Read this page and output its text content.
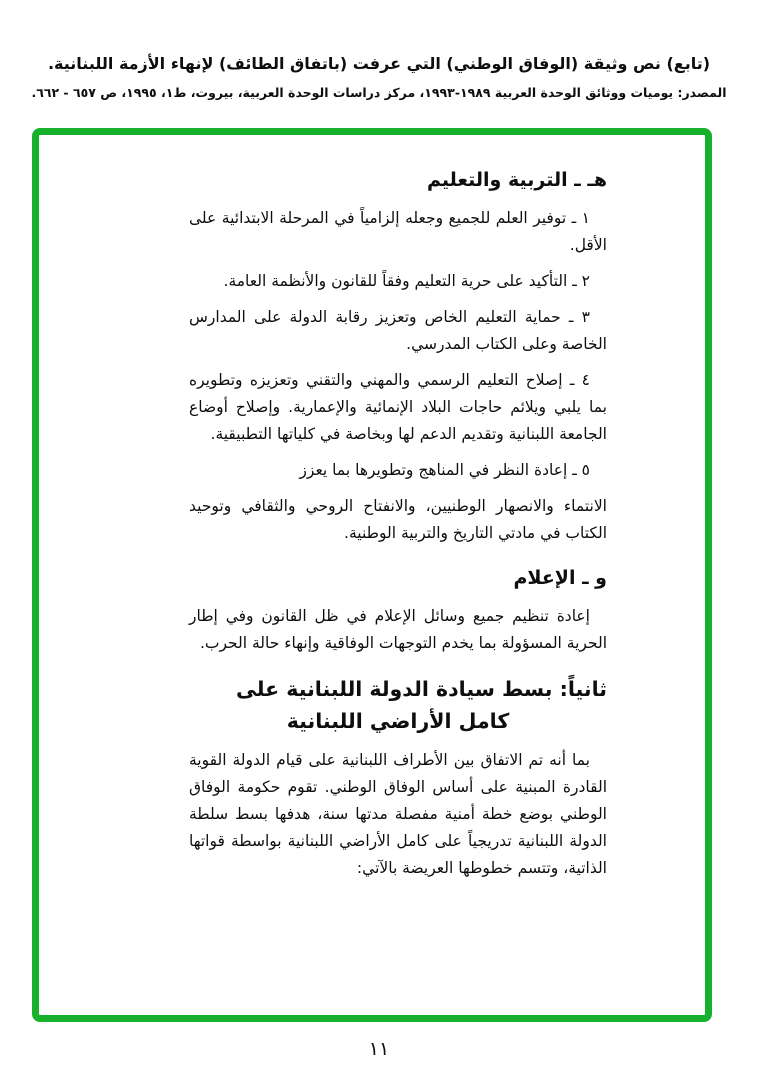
(تابع) نص وثيقة (الوفاق الوطني) التي عرفت (باتفاق الطائف) لإنهاء الأزمة اللبنانية.
المصدر: يوميات ووثائق الوحدة العربية ١٩٨٩-١٩٩٣، مركز دراسات الوحدة العربية، بيروت، ط١، ١٩٩٥، ص ٦٥٧ - ٦٦٢.
هـ ـ التربية والتعليم

١ ـ توفير العلم للجميع وجعله إلزامياً في المرحلة الابتدائية على الأقل.

٢ ـ التأكيد على حرية التعليم وفقاً للقانون والأنظمة العامة.

٣ ـ حماية التعليم الخاص وتعزيز رقابة الدولة على المدارس الخاصة وعلى الكتاب المدرسي.

٤ ـ إصلاح التعليم الرسمي والمهني والتقني وتعزيزه وتطويره بما يلبي ويلائم حاجات البلاد الإنمائية والإعمارية. وإصلاح أوضاع الجامعة اللبنانية وتقديم الدعم لها وبخاصة في كلياتها التطبيقية.

٥ ـ إعادة النظر في المناهج وتطويرها بما يعزز

الانتماء والانصهار الوطنيين، والانفتاح الروحي والثقافي وتوحيد الكتاب في مادتي التاريخ والتربية الوطنية.

و ـ الإعلام

إعادة تنظيم جميع وسائل الإعلام في ظل القانون وفي إطار الحرية المسؤولة بما يخدم التوجهات الوفاقية وإنهاء حالة الحرب.

ثانياً: بسط سيادة الدولة اللبنانية على
كامل الأراضي اللبنانية

بما أنه تم الاتفاق بين الأطراف اللبنانية على قيام الدولة القوية القادرة المبنية على أساس الوفاق الوطني. تقوم حكومة الوفاق الوطني بوضع خطة أمنية مفصلة مدتها سنة، هدفها بسط سلطة الدولة اللبنانية تدريجياً على كامل الأراضي اللبنانية بواسطة قواتها الذاتية، وتتسم خطوطها العريضة بالآتي:

١١
